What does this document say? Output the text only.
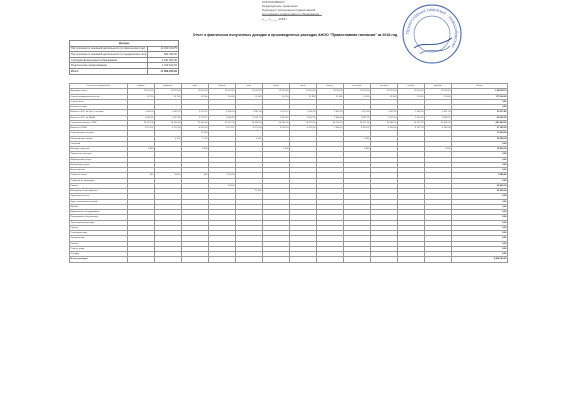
СОГЛАСОВАНО
Председатель правления
Президент Ассоциации православной
Ассоциации православного образования
« __ » ____ 2018 г.
Православная гимназия · Новосибирская
Отчет о фактически полученных доходах и произведенных расходах АНОО "Православная гимназия" за 2018 год
Доходы	
Поступления по основной деятельности (от физических лиц)	11 010 410,75
Поступления по основной деятельности (от юридических лиц)	580 430,00
Субсидии Департамента образования	4 941 905,00
Родительские пожертвования	1 049 624,54
Итого	17 809 295,29
Статья расходов/месяц	январь	февраль	март	апрель	май	июнь	июль	август	сентябрь	октябрь	ноябрь	декабрь	Итого
Арендная плата	129 524,8	129 524,8	129 524,8	129 524,8	129 524,8	129 524,8	129 524,8	129 524,8	129 524,8	129 524,8	129 524,8	129 524,8	1 554 297,6
Оплата коммунальных услуг	10 700	16 700	14 300	14 500	15 300	16 150	16 950	12 400	11 450	13 600	15 950	19 600	177 600,00
Услуги связи													0,00
Налоги и сборы													0,00
Взносы в ФСС по несч. случаям	1 958,54	1 645,78	2 074,12	1 958,54	1 981,06	1 970,15	1 985,36	1 893,34	1 972,64	1 962,45	1 948,78	1 961,04	23 311,80
Взносы в ФСС по ВНиМ	2 965,82	2 437,80	3 124,17	2 965,82	3 001,19	2 984,46	3 007,85	2 866,60	2 987,29	2 971,44	2 950,70	2 969,79	35 232,93
Страховые взносы в ПФР	35 412,00	29 150,60	37 650,90	35 412,00	35 838,50	35 646,30	35 923,10	34 216,40	35 671,80	35 480,20	35 222,30	35 459,10	421 083,20
Взносы в ФОМС	8 174,11	6 721,80	8 676,94	8 174,11	8 274,00	8 228,75	8 292,46	7 898,22	8 234,32	8 190,45	8 131,28	8 186,08	97 182,52
Компьютерная техника			12 500										12 500,00
Канцелярские товары		4 300	2 150		3 200				5 900				15 550,00
Учебники													0,00
Моющие средства	3 600		3 600			3 600			3 600			3 600	18 000,00
Прочие хоз. расходы													0,00
Медицинские услуги													0,00
Банковские услуги													0,00
Вывоз мусора													0,00
Комиссии банка	825	66,20	480	1 214,25									2 585,45
Подписка на периодику													0,00
Ремонт				29 400									29 400,00
Материалы и инструменты					21 000								21 000,00
Заработная плата													0,00
Курсы повышения квалиф.													0,00
Мебель													0,00
Медицинское оборудование													0,00
Программное обеспечение													0,00
Транспортные расходы													0,00
Охрана													0,00
Спортинвентарь													0,00
Хозинвентарь													0,00
Прочее													0,00
Оплата труда													0,00
Поездки													0,00
Итого расходов													2 408 743,50
